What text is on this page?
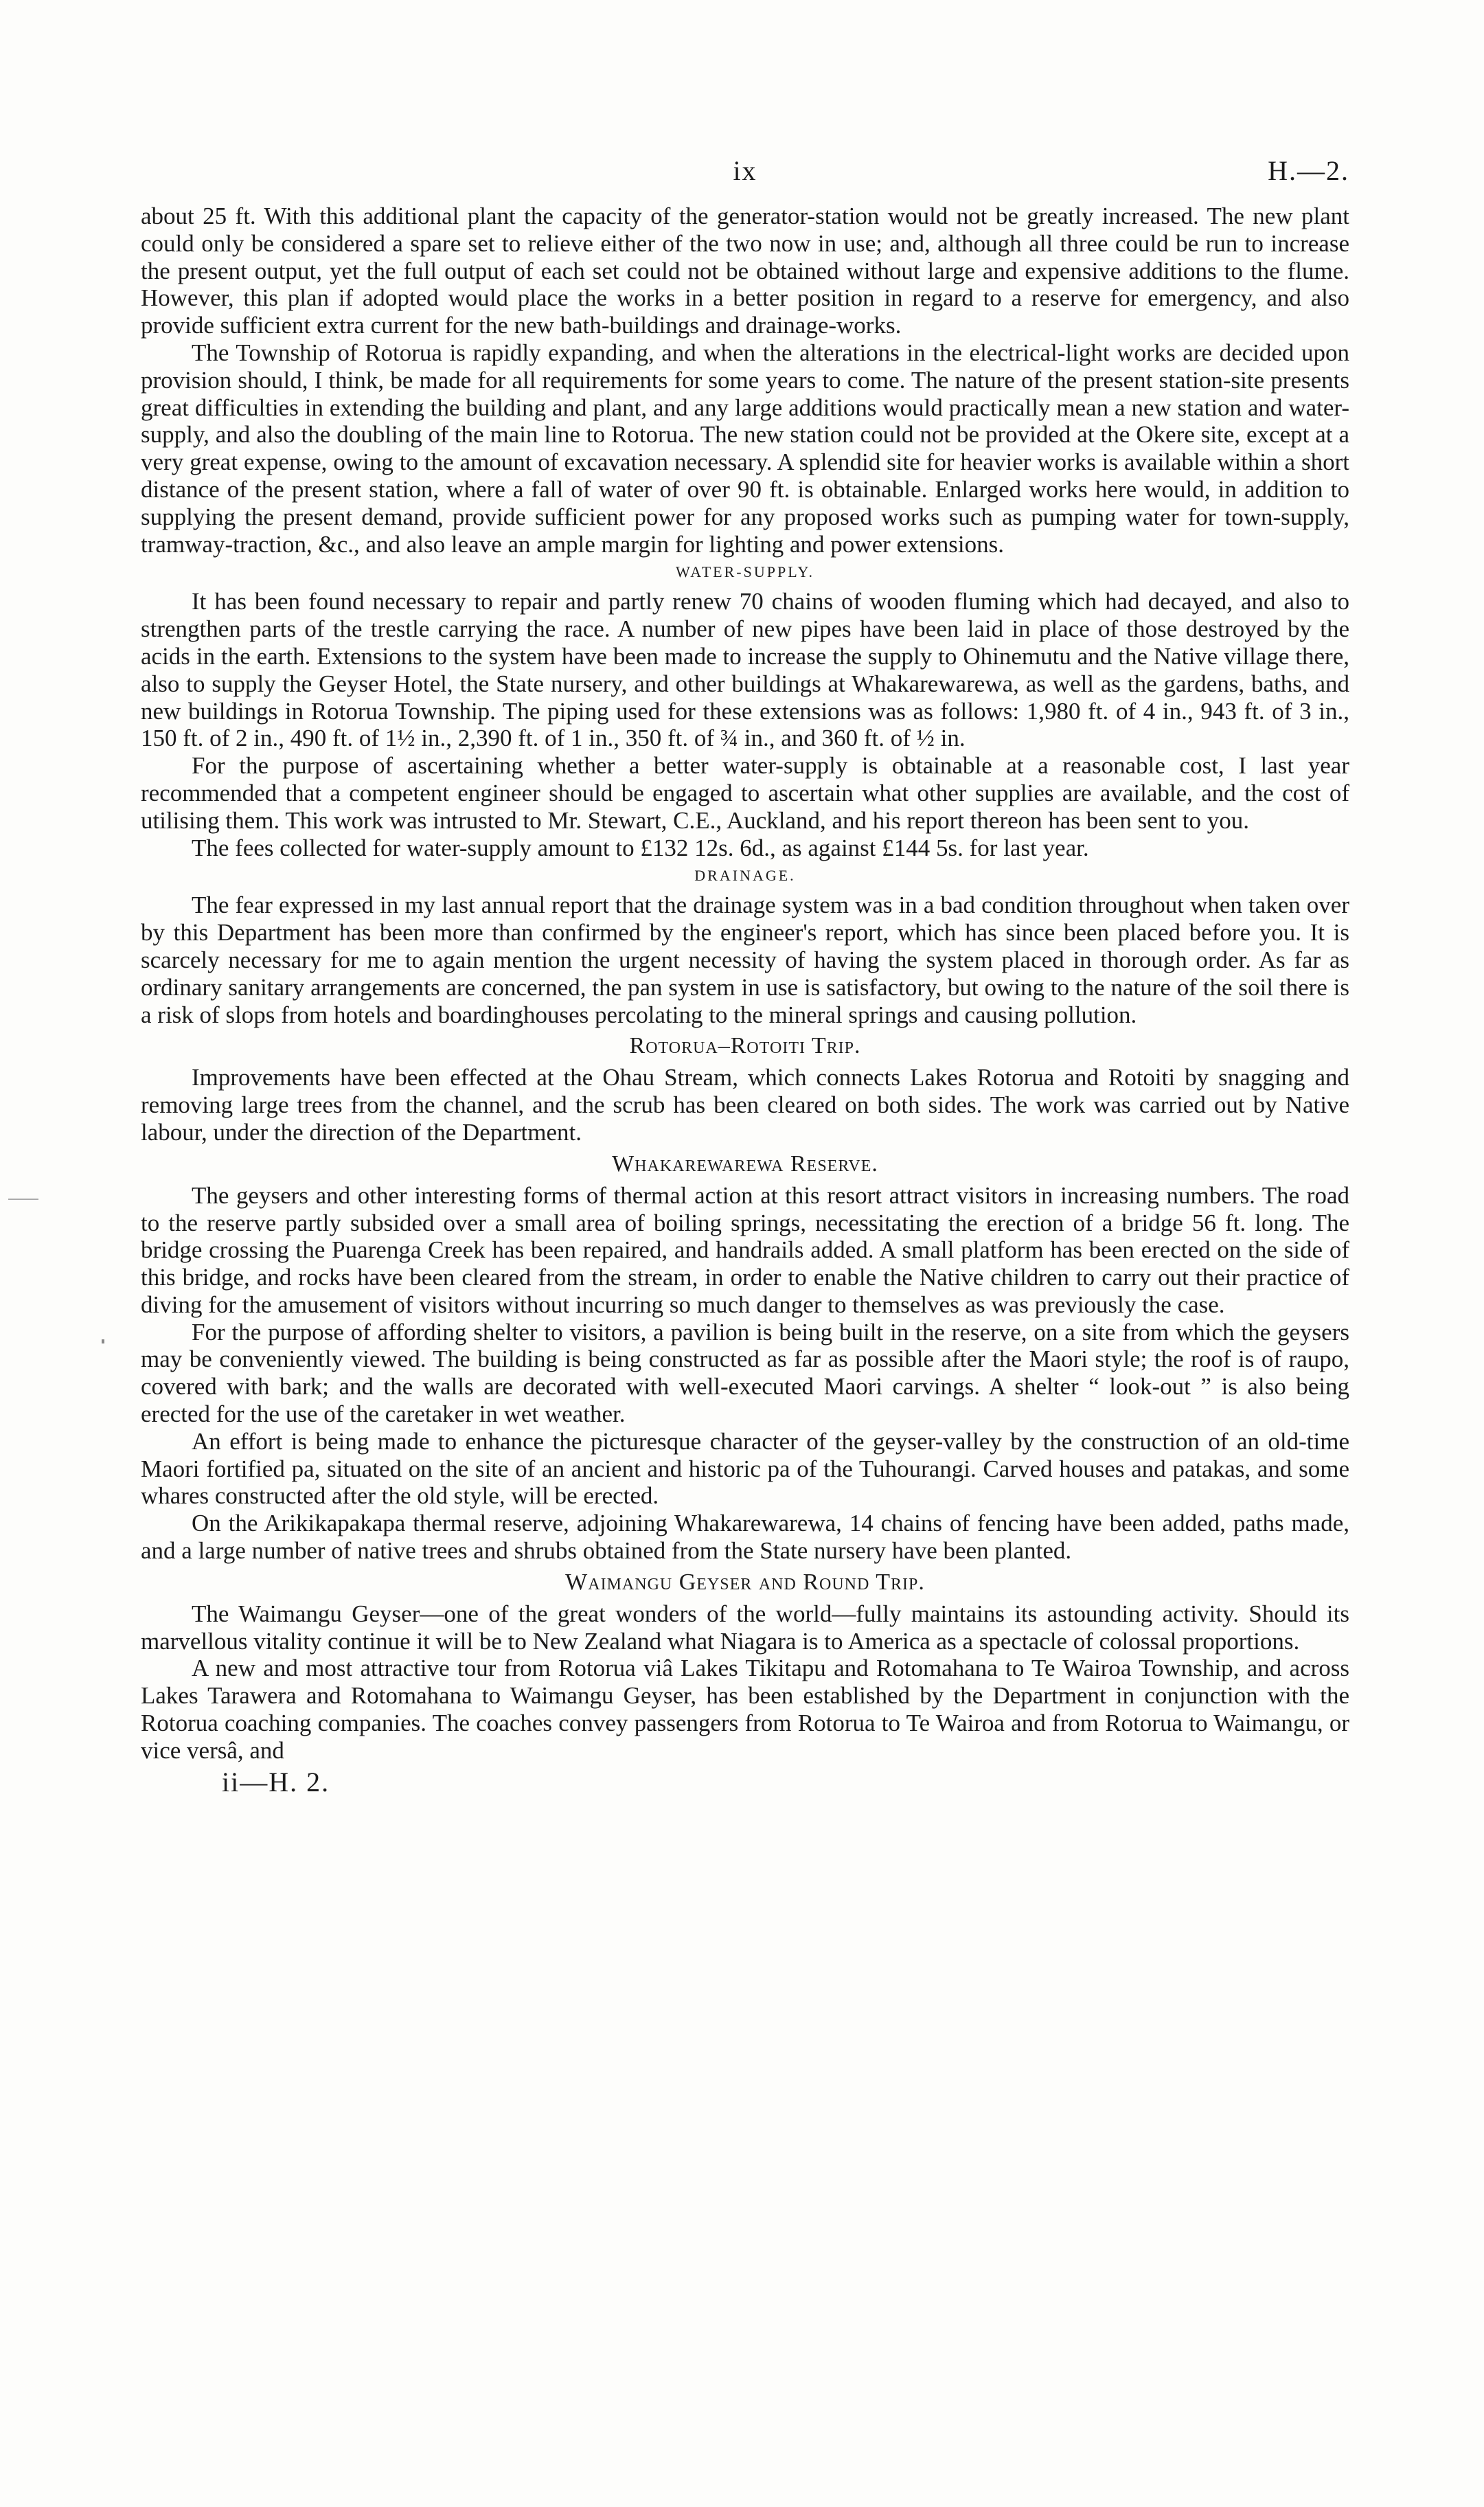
ix	H.—2.

about 25 ft. With this additional plant the capacity of the generator-station would not be greatly increased. The new plant could only be considered a spare set to relieve either of the two now in use; and, although all three could be run to increase the present output, yet the full output of each set could not be obtained without large and expensive additions to the flume. However, this plan if adopted would place the works in a better position in regard to a reserve for emergency, and also provide sufficient extra current for the new bath-buildings and drainage-works.

The Township of Rotorua is rapidly expanding, and when the alterations in the electrical-light works are decided upon provision should, I think, be made for all requirements for some years to come. The nature of the present station-site presents great difficulties in extending the building and plant, and any large additions would practically mean a new station and water-supply, and also the doubling of the main line to Rotorua. The new station could not be provided at the Okere site, except at a very great expense, owing to the amount of excavation necessary. A splendid site for heavier works is available within a short distance of the present station, where a fall of water of over 90 ft. is obtainable. Enlarged works here would, in addition to supplying the present demand, provide sufficient power for any proposed works such as pumping water for town-supply, tramway-traction, &c., and also leave an ample margin for lighting and power extensions.

WATER-SUPPLY.

It has been found necessary to repair and partly renew 70 chains of wooden fluming which had decayed, and also to strengthen parts of the trestle carrying the race. A number of new pipes have been laid in place of those destroyed by the acids in the earth. Extensions to the system have been made to increase the supply to Ohinemutu and the Native village there, also to supply the Geyser Hotel, the State nursery, and other buildings at Whakarewarewa, as well as the gardens, baths, and new buildings in Rotorua Township. The piping used for these extensions was as follows: 1,980 ft. of 4 in., 943 ft. of 3 in., 150 ft. of 2 in., 490 ft. of 1½ in., 2,390 ft. of 1 in., 350 ft. of ¾ in., and 360 ft. of ½ in.

For the purpose of ascertaining whether a better water-supply is obtainable at a reasonable cost, I last year recommended that a competent engineer should be engaged to ascertain what other supplies are available, and the cost of utilising them. This work was intrusted to Mr. Stewart, C.E., Auckland, and his report thereon has been sent to you.

The fees collected for water-supply amount to £132 12s. 6d., as against £144 5s. for last year.

DRAINAGE.

The fear expressed in my last annual report that the drainage system was in a bad condition throughout when taken over by this Department has been more than confirmed by the engineer's report, which has since been placed before you. It is scarcely necessary for me to again mention the urgent necessity of having the system placed in thorough order. As far as ordinary sanitary arrangements are concerned, the pan system in use is satisfactory, but owing to the nature of the soil there is a risk of slops from hotels and boardinghouses percolating to the mineral springs and causing pollution.

Rotorua–Rotoiti Trip.

Improvements have been effected at the Ohau Stream, which connects Lakes Rotorua and Rotoiti by snagging and removing large trees from the channel, and the scrub has been cleared on both sides. The work was carried out by Native labour, under the direction of the Department.

Whakarewarewa Reserve.

The geysers and other interesting forms of thermal action at this resort attract visitors in increasing numbers. The road to the reserve partly subsided over a small area of boiling springs, necessitating the erection of a bridge 56 ft. long. The bridge crossing the Puarenga Creek has been repaired, and handrails added. A small platform has been erected on the side of this bridge, and rocks have been cleared from the stream, in order to enable the Native children to carry out their practice of diving for the amusement of visitors without incurring so much danger to themselves as was previously the case.

For the purpose of affording shelter to visitors, a pavilion is being built in the reserve, on a site from which the geysers may be conveniently viewed. The building is being constructed as far as possible after the Maori style; the roof is of raupo, covered with bark; and the walls are decorated with well-executed Maori carvings. A shelter “ look-out ” is also being erected for the use of the caretaker in wet weather.

An effort is being made to enhance the picturesque character of the geyser-valley by the construction of an old-time Maori fortified pa, situated on the site of an ancient and historic pa of the Tuhourangi. Carved houses and patakas, and some whares constructed after the old style, will be erected.

On the Arikikapakapa thermal reserve, adjoining Whakarewarewa, 14 chains of fencing have been added, paths made, and a large number of native trees and shrubs obtained from the State nursery have been planted.

Waimangu Geyser and Round Trip.

The Waimangu Geyser—one of the great wonders of the world—fully maintains its astounding activity. Should its marvellous vitality continue it will be to New Zealand what Niagara is to America as a spectacle of colossal proportions.

A new and most attractive tour from Rotorua viâ Lakes Tikitapu and Rotomahana to Te Wairoa Township, and across Lakes Tarawera and Rotomahana to Waimangu Geyser, has been established by the Department in conjunction with the Rotorua coaching companies. The coaches convey passengers from Rotorua to Te Wairoa and from Rotorua to Waimangu, or vice versâ, and

ii—H. 2.
